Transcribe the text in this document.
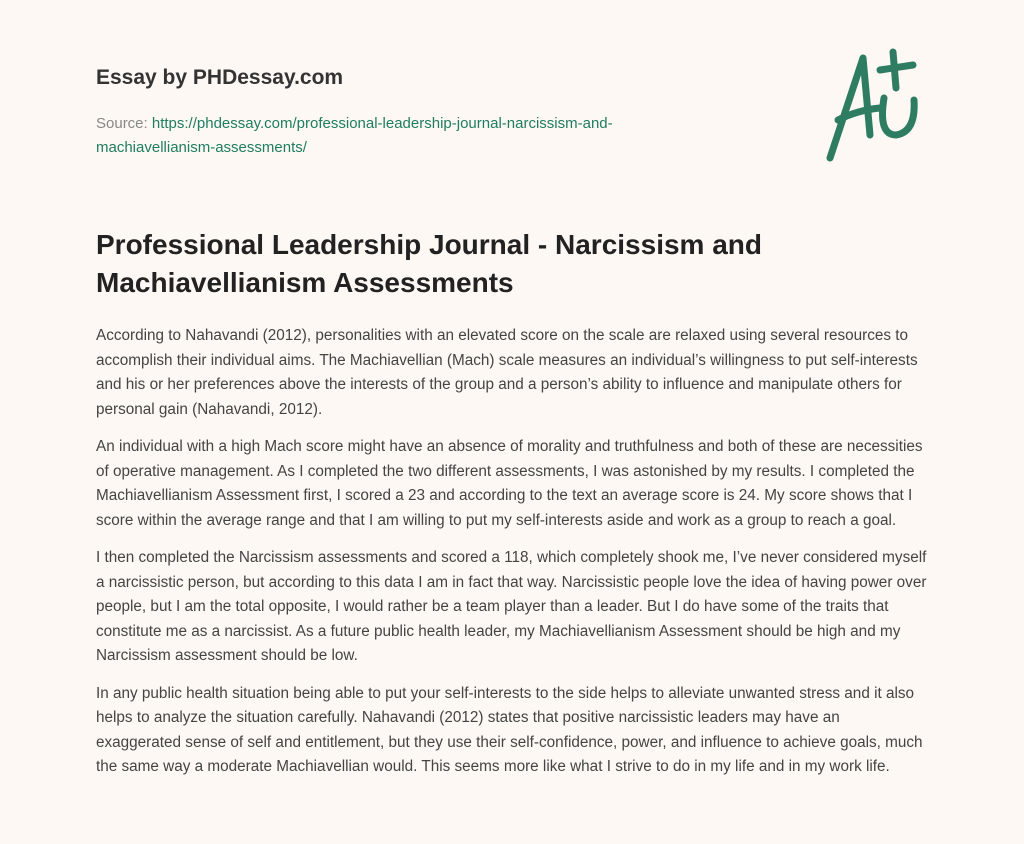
Essay by PHDessay.com
Source: https://phdessay.com/professional-leadership-journal-narcissism-and-machiavellianism-assessments/
Professional Leadership Journal - Narcissism and Machiavellianism Assessments

According to Nahavandi (2012), personalities with an elevated score on the scale are relaxed using several resources to accomplish their individual aims. The Machiavellian (Mach) scale measures an individual’s willingness to put self-interests and his or her preferences above the interests of the group and a person’s ability to influence and manipulate others for personal gain (Nahavandi, 2012).

An individual with a high Mach score might have an absence of morality and truthfulness and both of these are necessities of operative management. As I completed the two different assessments, I was astonished by my results. I completed the Machiavellianism Assessment first, I scored a 23 and according to the text an average score is 24. My score shows that I score within the average range and that I am willing to put my self-interests aside and work as a group to reach a goal.

I then completed the Narcissism assessments and scored a 118, which completely shook me, I’ve never considered myself a narcissistic person, but according to this data I am in fact that way. Narcissistic people love the idea of having power over people, but I am the total opposite, I would rather be a team player than a leader. But I do have some of the traits that constitute me as a narcissist. As a future public health leader, my Machiavellianism Assessment should be high and my Narcissism assessment should be low.

In any public health situation being able to put your self-interests to the side helps to alleviate unwanted stress and it also helps to analyze the situation carefully. Nahavandi (2012) states that positive narcissistic leaders may have an exaggerated sense of self and entitlement, but they use their self-confidence, power, and influence to achieve goals, much the same way a moderate Machiavellian would. This seems more like what I strive to do in my life and in my work life.
